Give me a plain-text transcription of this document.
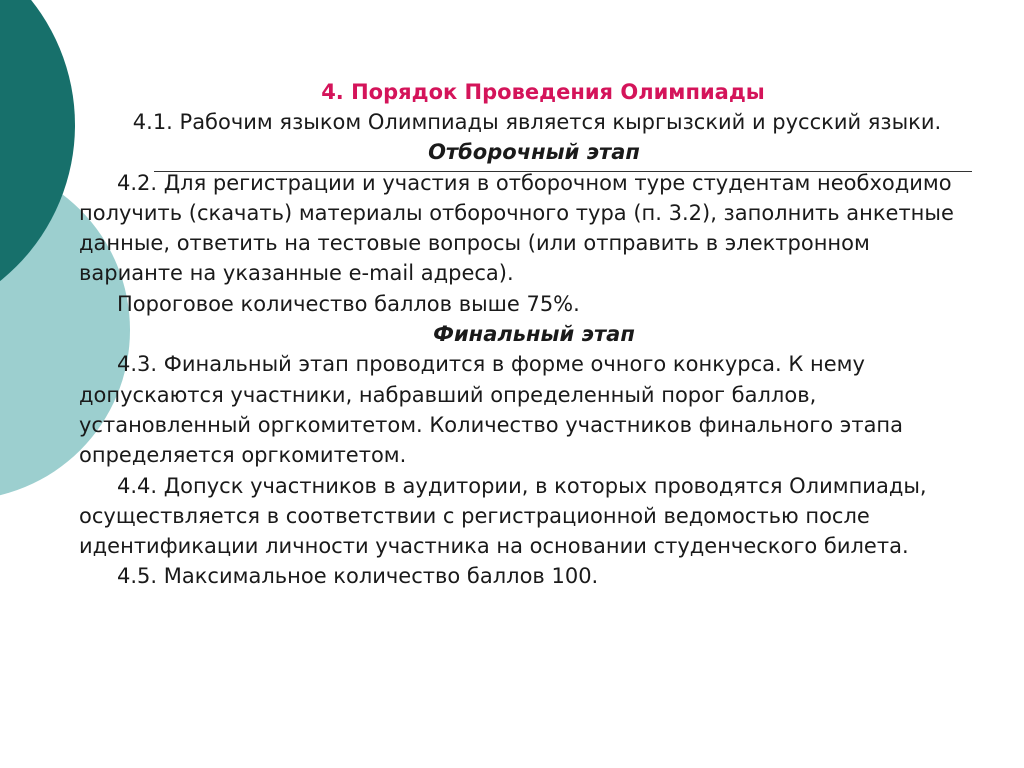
4. Порядок Проведения Олимпиады
4.1. Рабочим языком Олимпиады является кыргызский и русский языки.
Отборочный этап
4.2. Для регистрации и участия в отборочном туре студентам необходимо получить (скачать) материалы отборочного тура (п. 3.2), заполнить анкетные данные, ответить на тестовые вопросы (или отправить в электронном варианте на указанные e-mail адреса).
Пороговое количество баллов выше 75%.
Финальный этап
4.3. Финальный этап проводится в форме очного конкурса. К нему допускаются участники, набравший определенный порог баллов, установленный оргкомитетом. Количество участников финального этапа определяется оргкомитетом.
4.4. Допуск участников в аудитории, в которых проводятся Олимпиады, осуществляется в соответствии с регистрационной ведомостью после идентификации личности участника на основании студенческого билета.
4.5. Максимальное количество баллов 100.
